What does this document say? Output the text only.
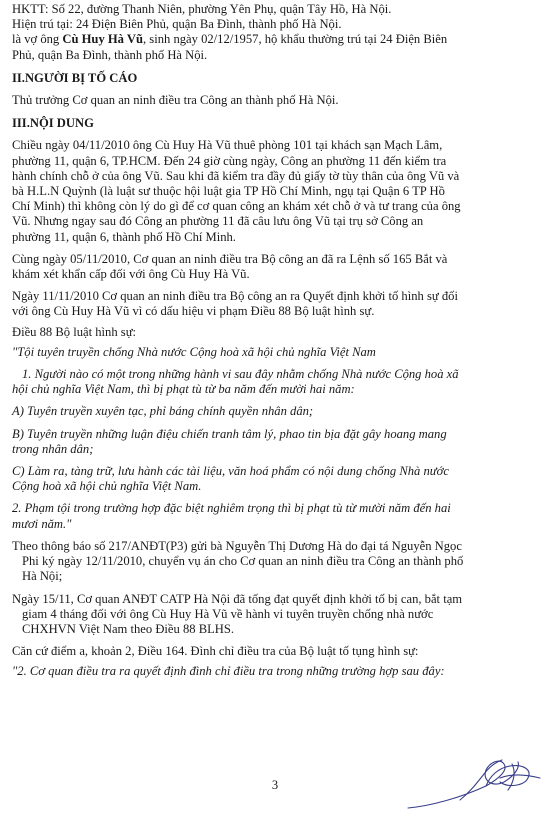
HKTT: Số 22, đường Thanh Niên, phường Yên Phụ, quận Tây Hồ, Hà Nội.

Hiện trú tại: 24 Điện Biên Phủ, quận Ba Đình, thành phố Hà Nội.

là vợ ông Cù Huy Hà Vũ, sinh ngày 02/12/1957, hộ khẩu thường trú tại 24 Điện Biên

Phủ, quận Ba Đình, thành phố Hà Nội.

II.NGƯỜI BỊ TỐ CÁO

Thủ trưởng Cơ quan an ninh điều tra Công an thành phố Hà Nội.

III.NỘI DUNG

Chiều ngày 04/11/2010 ông Cù Huy Hà Vũ thuê phòng 101 tại khách sạn Mạch Lâm,

phường 11, quận 6, TP.HCM. Đến 24 giờ cùng ngày, Công an phường 11 đến kiểm tra

hành chính chỗ ở của ông Vũ. Sau khi đã kiểm tra đầy đủ giấy tờ tùy thân của ông Vũ và

bà H.L.N Quỳnh (là luật sư thuộc hội luật gia TP Hồ Chí Minh, ngụ tại Quận 6 TP Hồ

Chí Minh) thì không còn lý do gì để cơ quan công an khám xét chỗ ở và tư trang của ông

Vũ. Nhưng ngay sau đó Công an phường 11 đã câu lưu ông Vũ tại trụ sở Công an

phường 11, quận 6, thành phố Hồ Chí Minh.

Cùng ngày 05/11/2010, Cơ quan an ninh điều tra Bộ công an đã ra Lệnh số 165 Bắt và

khám xét khẩn cấp đối với ông Cù Huy Hà Vũ.

Ngày 11/11/2010 Cơ quan an ninh điều tra Bộ công an ra Quyết định khởi tố hình sự đối

với ông Cù Huy Hà Vũ vì có dấu hiệu vi phạm Điều 88 Bộ luật hình sự.

Điều 88 Bộ luật hình sự:

"Tội tuyên truyền chống Nhà nước Cộng hoà xã hội chủ nghĩa Việt Nam

1. Người nào có một trong những hành vi sau đây nhằm chống Nhà nước Cộng hoà xã

hội chủ nghĩa Việt Nam, thì bị phạt tù từ ba năm đến mười hai năm:

A) Tuyên truyền xuyên tạc, phỉ báng chính quyền nhân dân;

B) Tuyên truyền những luận điệu chiến tranh tâm lý, phao tin bịa đặt gây hoang mang

trong nhân dân;

C) Làm ra, tàng trữ, lưu hành các tài liệu, văn hoá phẩm có nội dung chống Nhà nước

Cộng hoà xã hội chủ nghĩa Việt Nam.

2. Phạm tội trong trường hợp đặc biệt nghiêm trọng thì bị phạt tù từ mười năm đến hai

mươi năm."

Theo thông báo số 217/ANĐT(P3) gửi bà Nguyễn Thị Dương Hà do đại tá Nguyễn Ngọc

Phi ký ngày 12/11/2010, chuyển vụ án cho Cơ quan an ninh điều tra Công an thành phố

Hà Nội;

Ngày 15/11, Cơ quan ANĐT CATP Hà Nội đã tống đạt quyết định khởi tố bị can, bắt tạm

giam 4 tháng đối với ông Cù Huy Hà Vũ về hành vi tuyên truyền chống nhà nước

CHXHVN Việt Nam theo Điều 88 BLHS.

Căn cứ điểm a, khoản 2, Điều 164. Đình chỉ điều tra của Bộ luật tố tụng hình sự:

"2. Cơ quan điều tra ra quyết định đình chỉ điều tra trong những trường hợp sau đây:

3
